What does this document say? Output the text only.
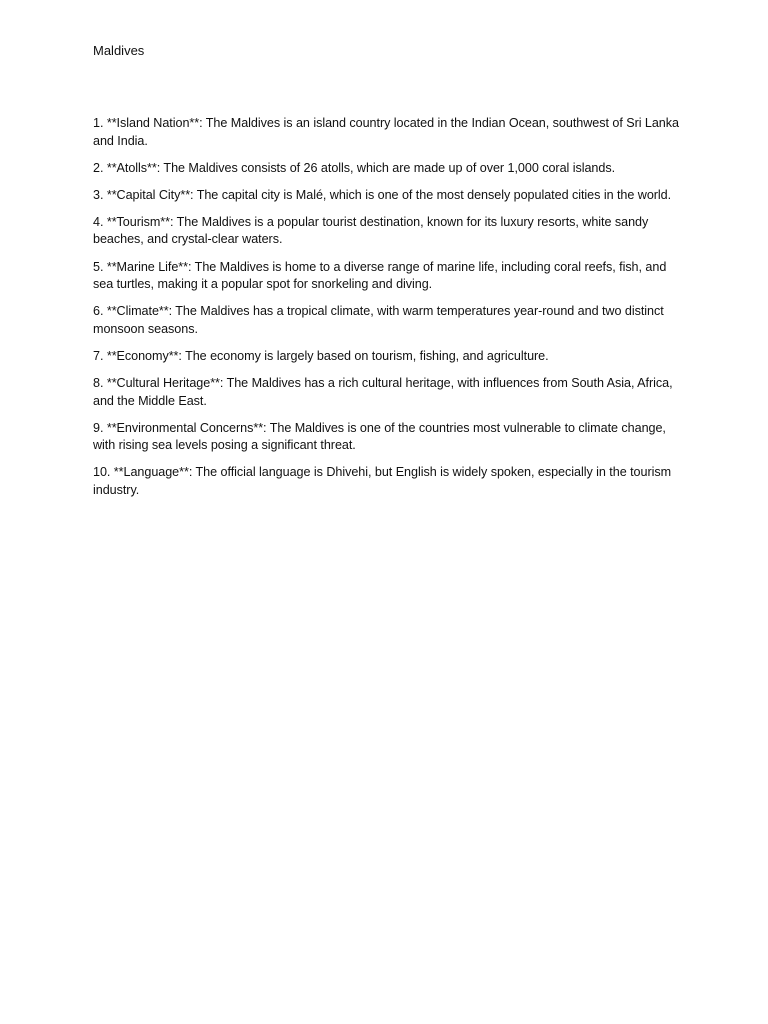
Maldives
1. **Island Nation**: The Maldives is an island country located in the Indian Ocean, southwest of Sri Lanka and India.
2. **Atolls**: The Maldives consists of 26 atolls, which are made up of over 1,000 coral islands.
3. **Capital City**: The capital city is Malé, which is one of the most densely populated cities in the world.
4. **Tourism**: The Maldives is a popular tourist destination, known for its luxury resorts, white sandy beaches, and crystal-clear waters.
5. **Marine Life**: The Maldives is home to a diverse range of marine life, including coral reefs, fish, and sea turtles, making it a popular spot for snorkeling and diving.
6. **Climate**: The Maldives has a tropical climate, with warm temperatures year-round and two distinct monsoon seasons.
7. **Economy**: The economy is largely based on tourism, fishing, and agriculture.
8. **Cultural Heritage**: The Maldives has a rich cultural heritage, with influences from South Asia, Africa, and the Middle East.
9. **Environmental Concerns**: The Maldives is one of the countries most vulnerable to climate change, with rising sea levels posing a significant threat.
10. **Language**: The official language is Dhivehi, but English is widely spoken, especially in the tourism industry.
